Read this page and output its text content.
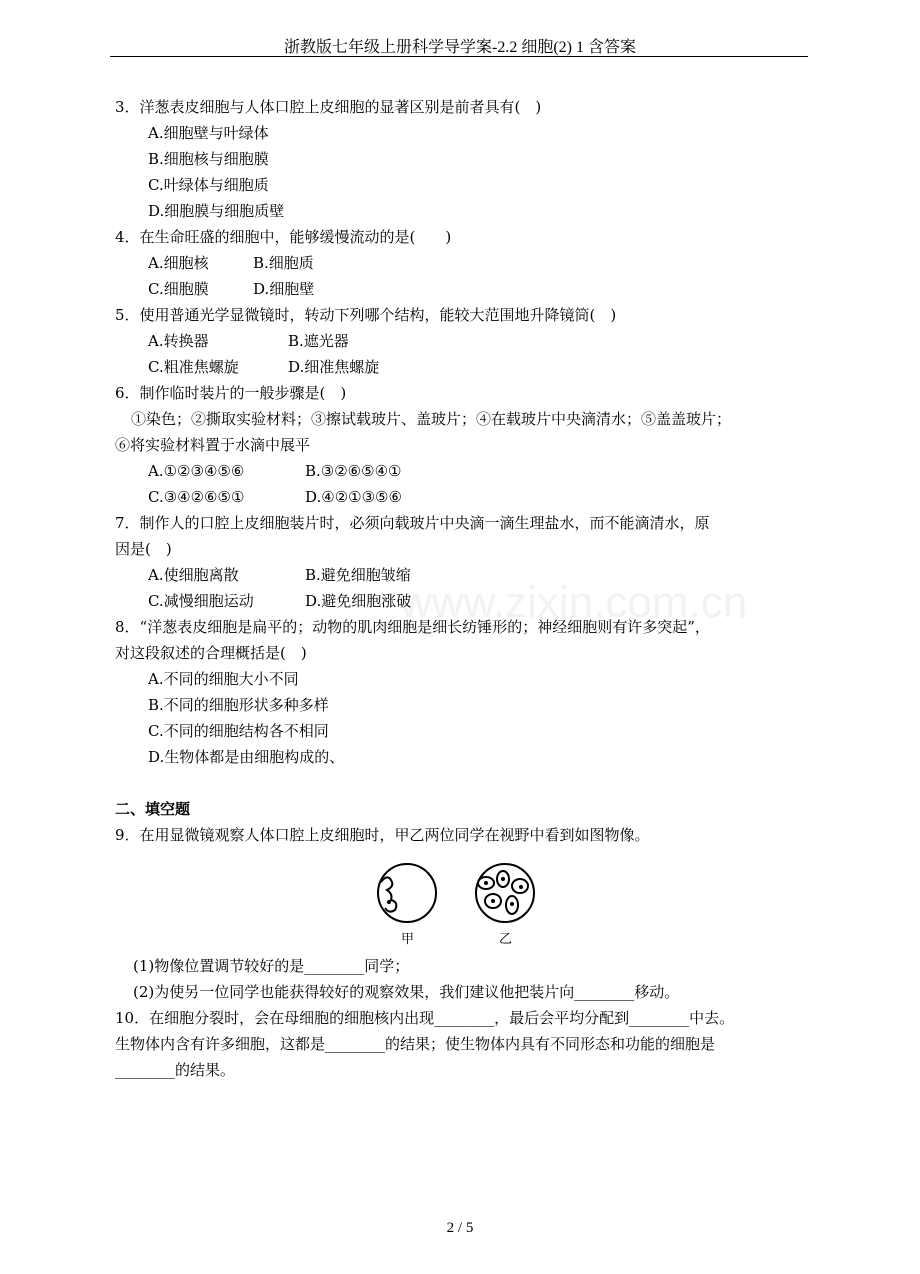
浙教版七年级上册科学导学案-2.2 细胞(2) 1 含答案
www.zixin.com.cn
3．洋葱表皮细胞与人体口腔上皮细胞的显著区别是前者具有(　)
A.细胞壁与叶绿体
B.细胞核与细胞膜
C.叶绿体与细胞质
D.细胞膜与细胞质壁
4．在生命旺盛的细胞中，能够缓慢流动的是(　　)
A.细胞核	B.细胞质
C.细胞膜	D.细胞壁
5．使用普通光学显微镜时，转动下列哪个结构，能较大范围地升降镜筒(　)
A.转换器	B.遮光器
C.粗准焦螺旋	D.细准焦螺旋
6．制作临时装片的一般步骤是(　)
①染色；②撕取实验材料；③擦试载玻片、盖玻片；④在载玻片中央滴清水；⑤盖盖玻片；
⑥将实验材料置于水滴中展平
A.①②③④⑤⑥	B.③②⑥⑤④①
C.③④②⑥⑤①	D.④②①③⑤⑥
7．制作人的口腔上皮细胞装片时，必须向载玻片中央滴一滴生理盐水，而不能滴清水，原
因是(　)
A.使细胞离散	B.避免细胞皱缩
C.减慢细胞运动	D.避免细胞涨破
8．“洋葱表皮细胞是扁平的；动物的肌肉细胞是细长纺锤形的；神经细胞则有许多突起”，
对这段叙述的合理概括是(　)
A.不同的细胞大小不同
B.不同的细胞形状多种多样
C.不同的细胞结构各不相同
D.生物体都是由细胞构成的、
二、填空题
9．在用显微镜观察人体口腔上皮细胞时，甲乙两位同学在视野中看到如图物像。
甲	乙
(1)物像位置调节较好的是________同学；
(2)为使另一位同学也能获得较好的观察效果，我们建议他把装片向________移动。
10．在细胞分裂时，会在母细胞的细胞核内出现________，最后会平均分配到________中去。
生物体内含有许多细胞，这都是________的结果；使生物体内具有不同形态和功能的细胞是
________的结果。
2 / 5
